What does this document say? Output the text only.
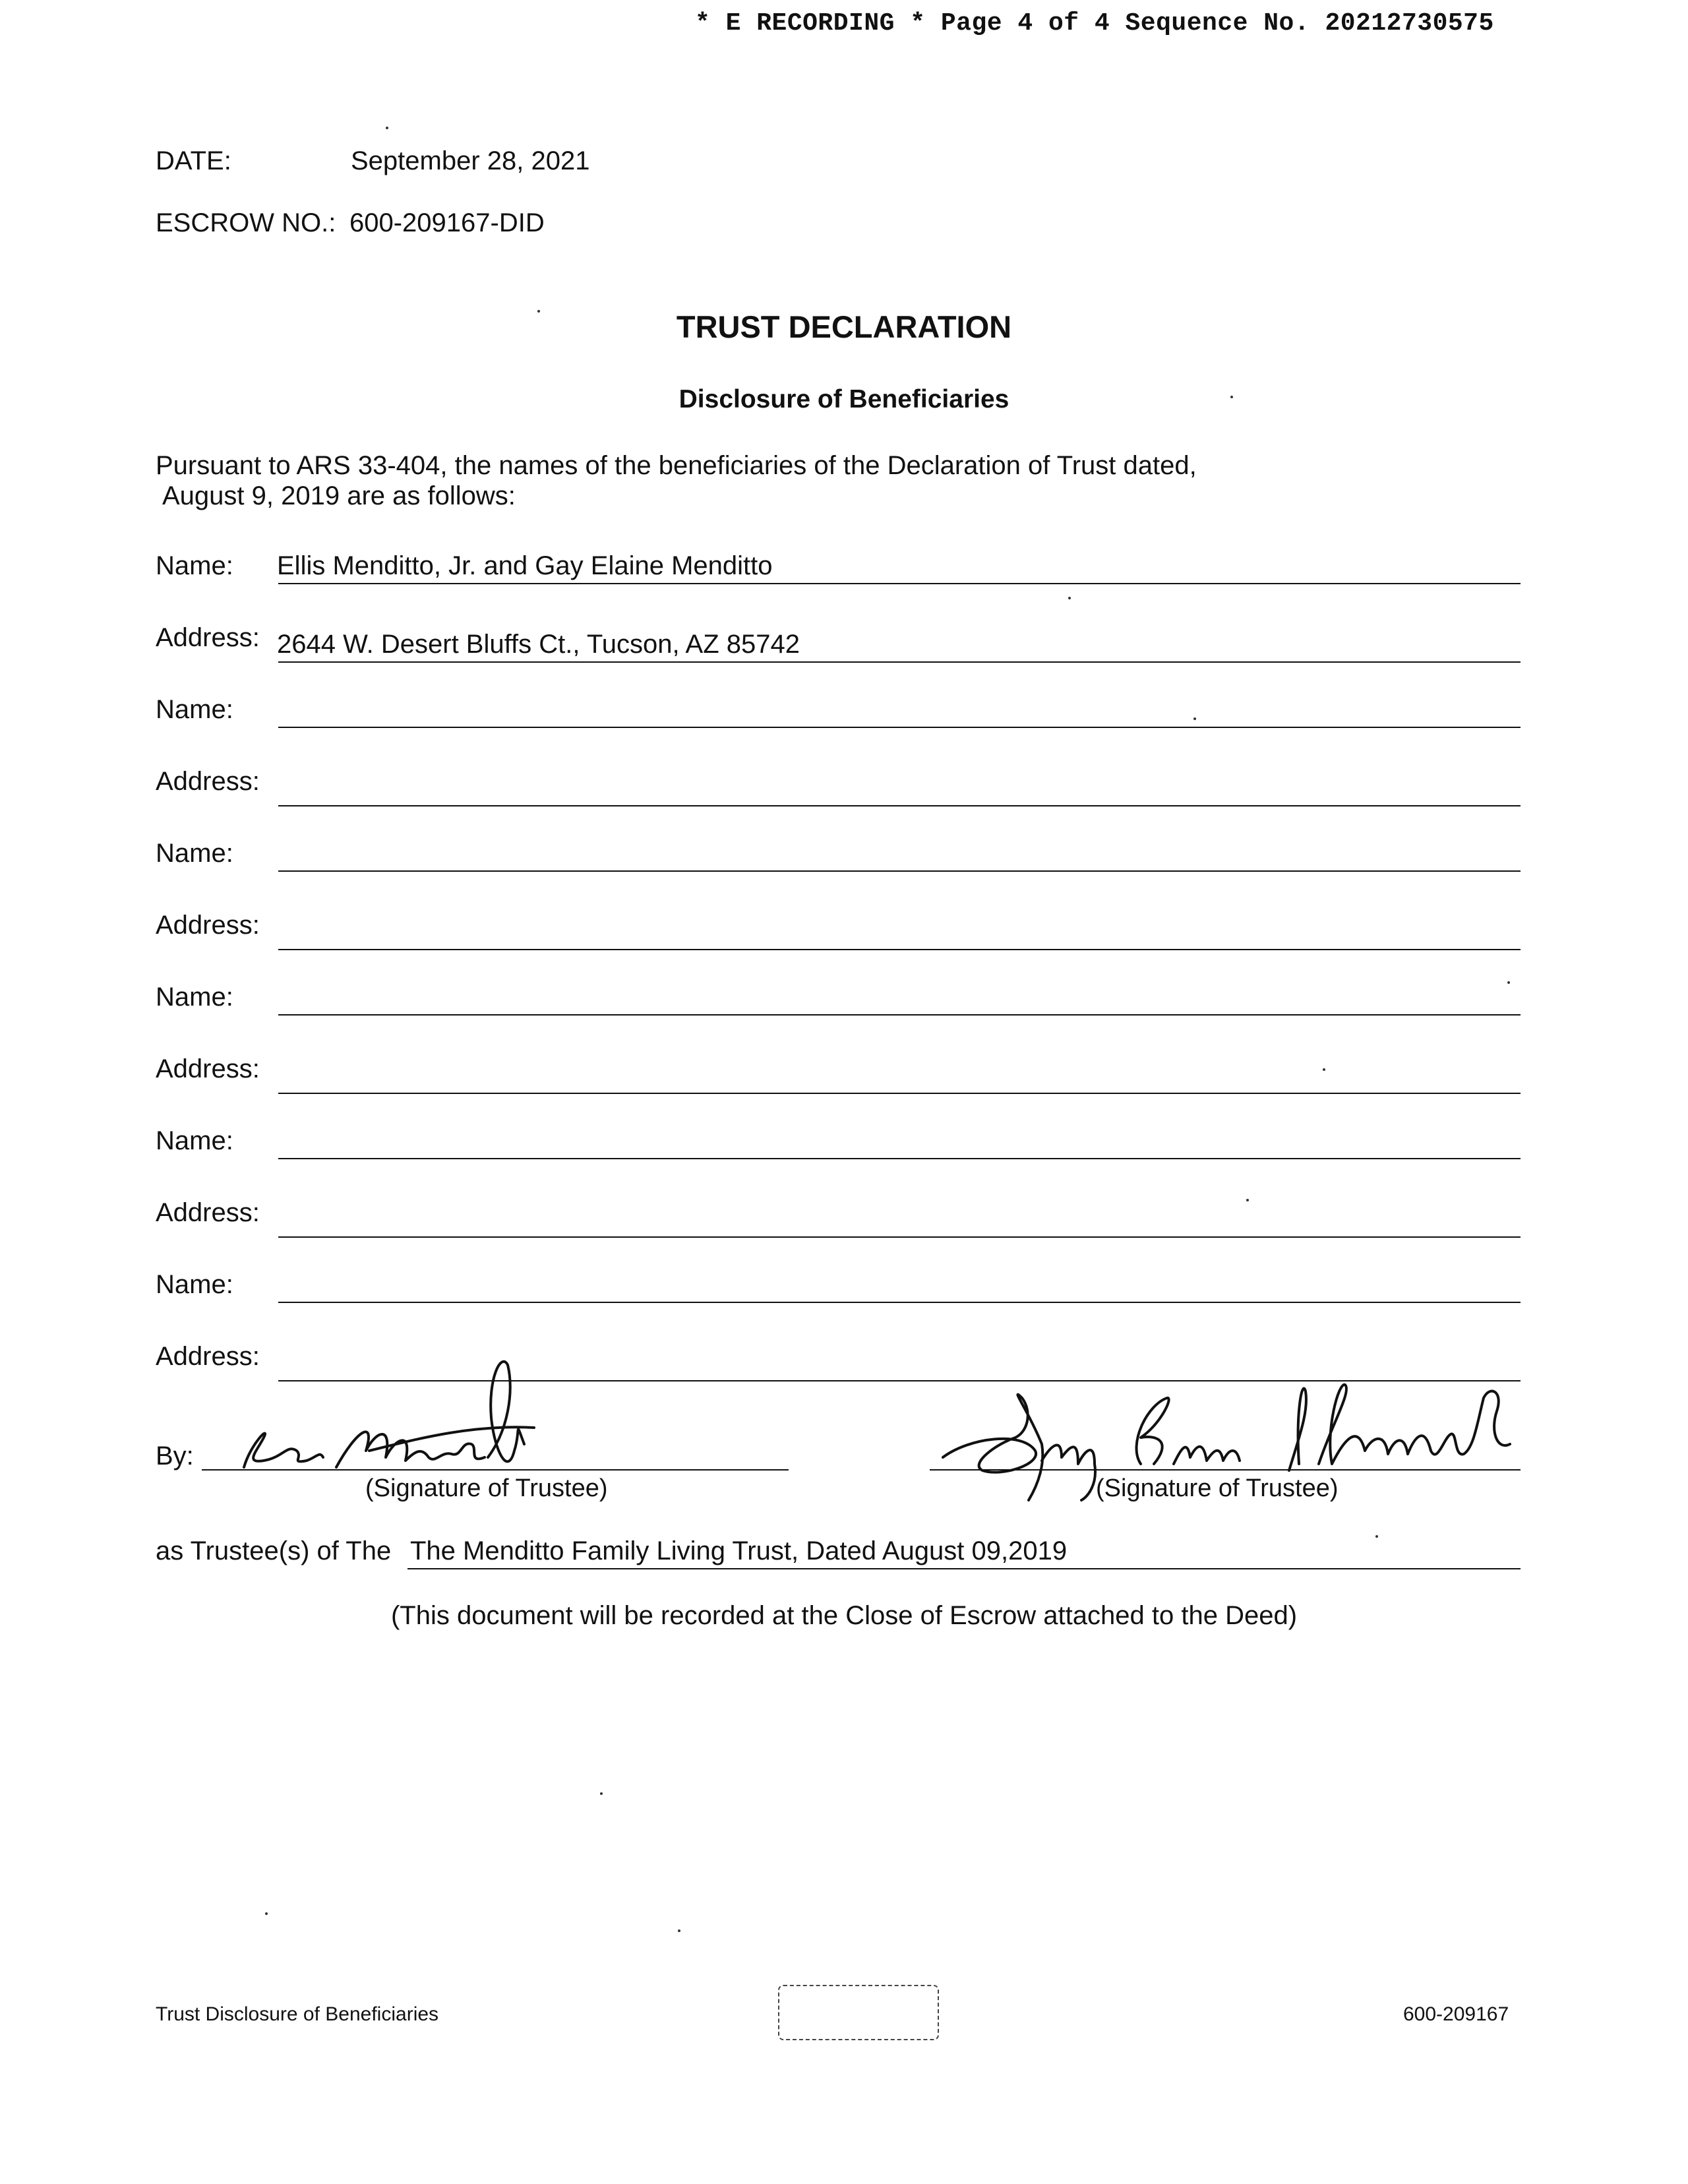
* E RECORDING * Page 4 of 4 Sequence No. 20212730575
DATE:	September 28, 2021
ESCROW NO.: 600-209167-DID
TRUST DECLARATION
Disclosure of Beneficiaries
Pursuant to ARS 33-404, the names of the beneficiaries of the Declaration of Trust dated,
August 9, 2019 are as follows:
Name: Ellis Menditto, Jr. and Gay Elaine Menditto
Address: 2644 W. Desert Bluffs Ct., Tucson, AZ 85742
Name:
Address:
Name:
Address:
Name:
Address:
Name:
Address:
Name:
Address:
By:
(Signature of Trustee)	(Signature of Trustee)
as Trustee(s) of The The Menditto Family Living Trust, Dated August 09,2019
(This document will be recorded at the Close of Escrow attached to the Deed)
Trust Disclosure of Beneficiaries	600-209167
